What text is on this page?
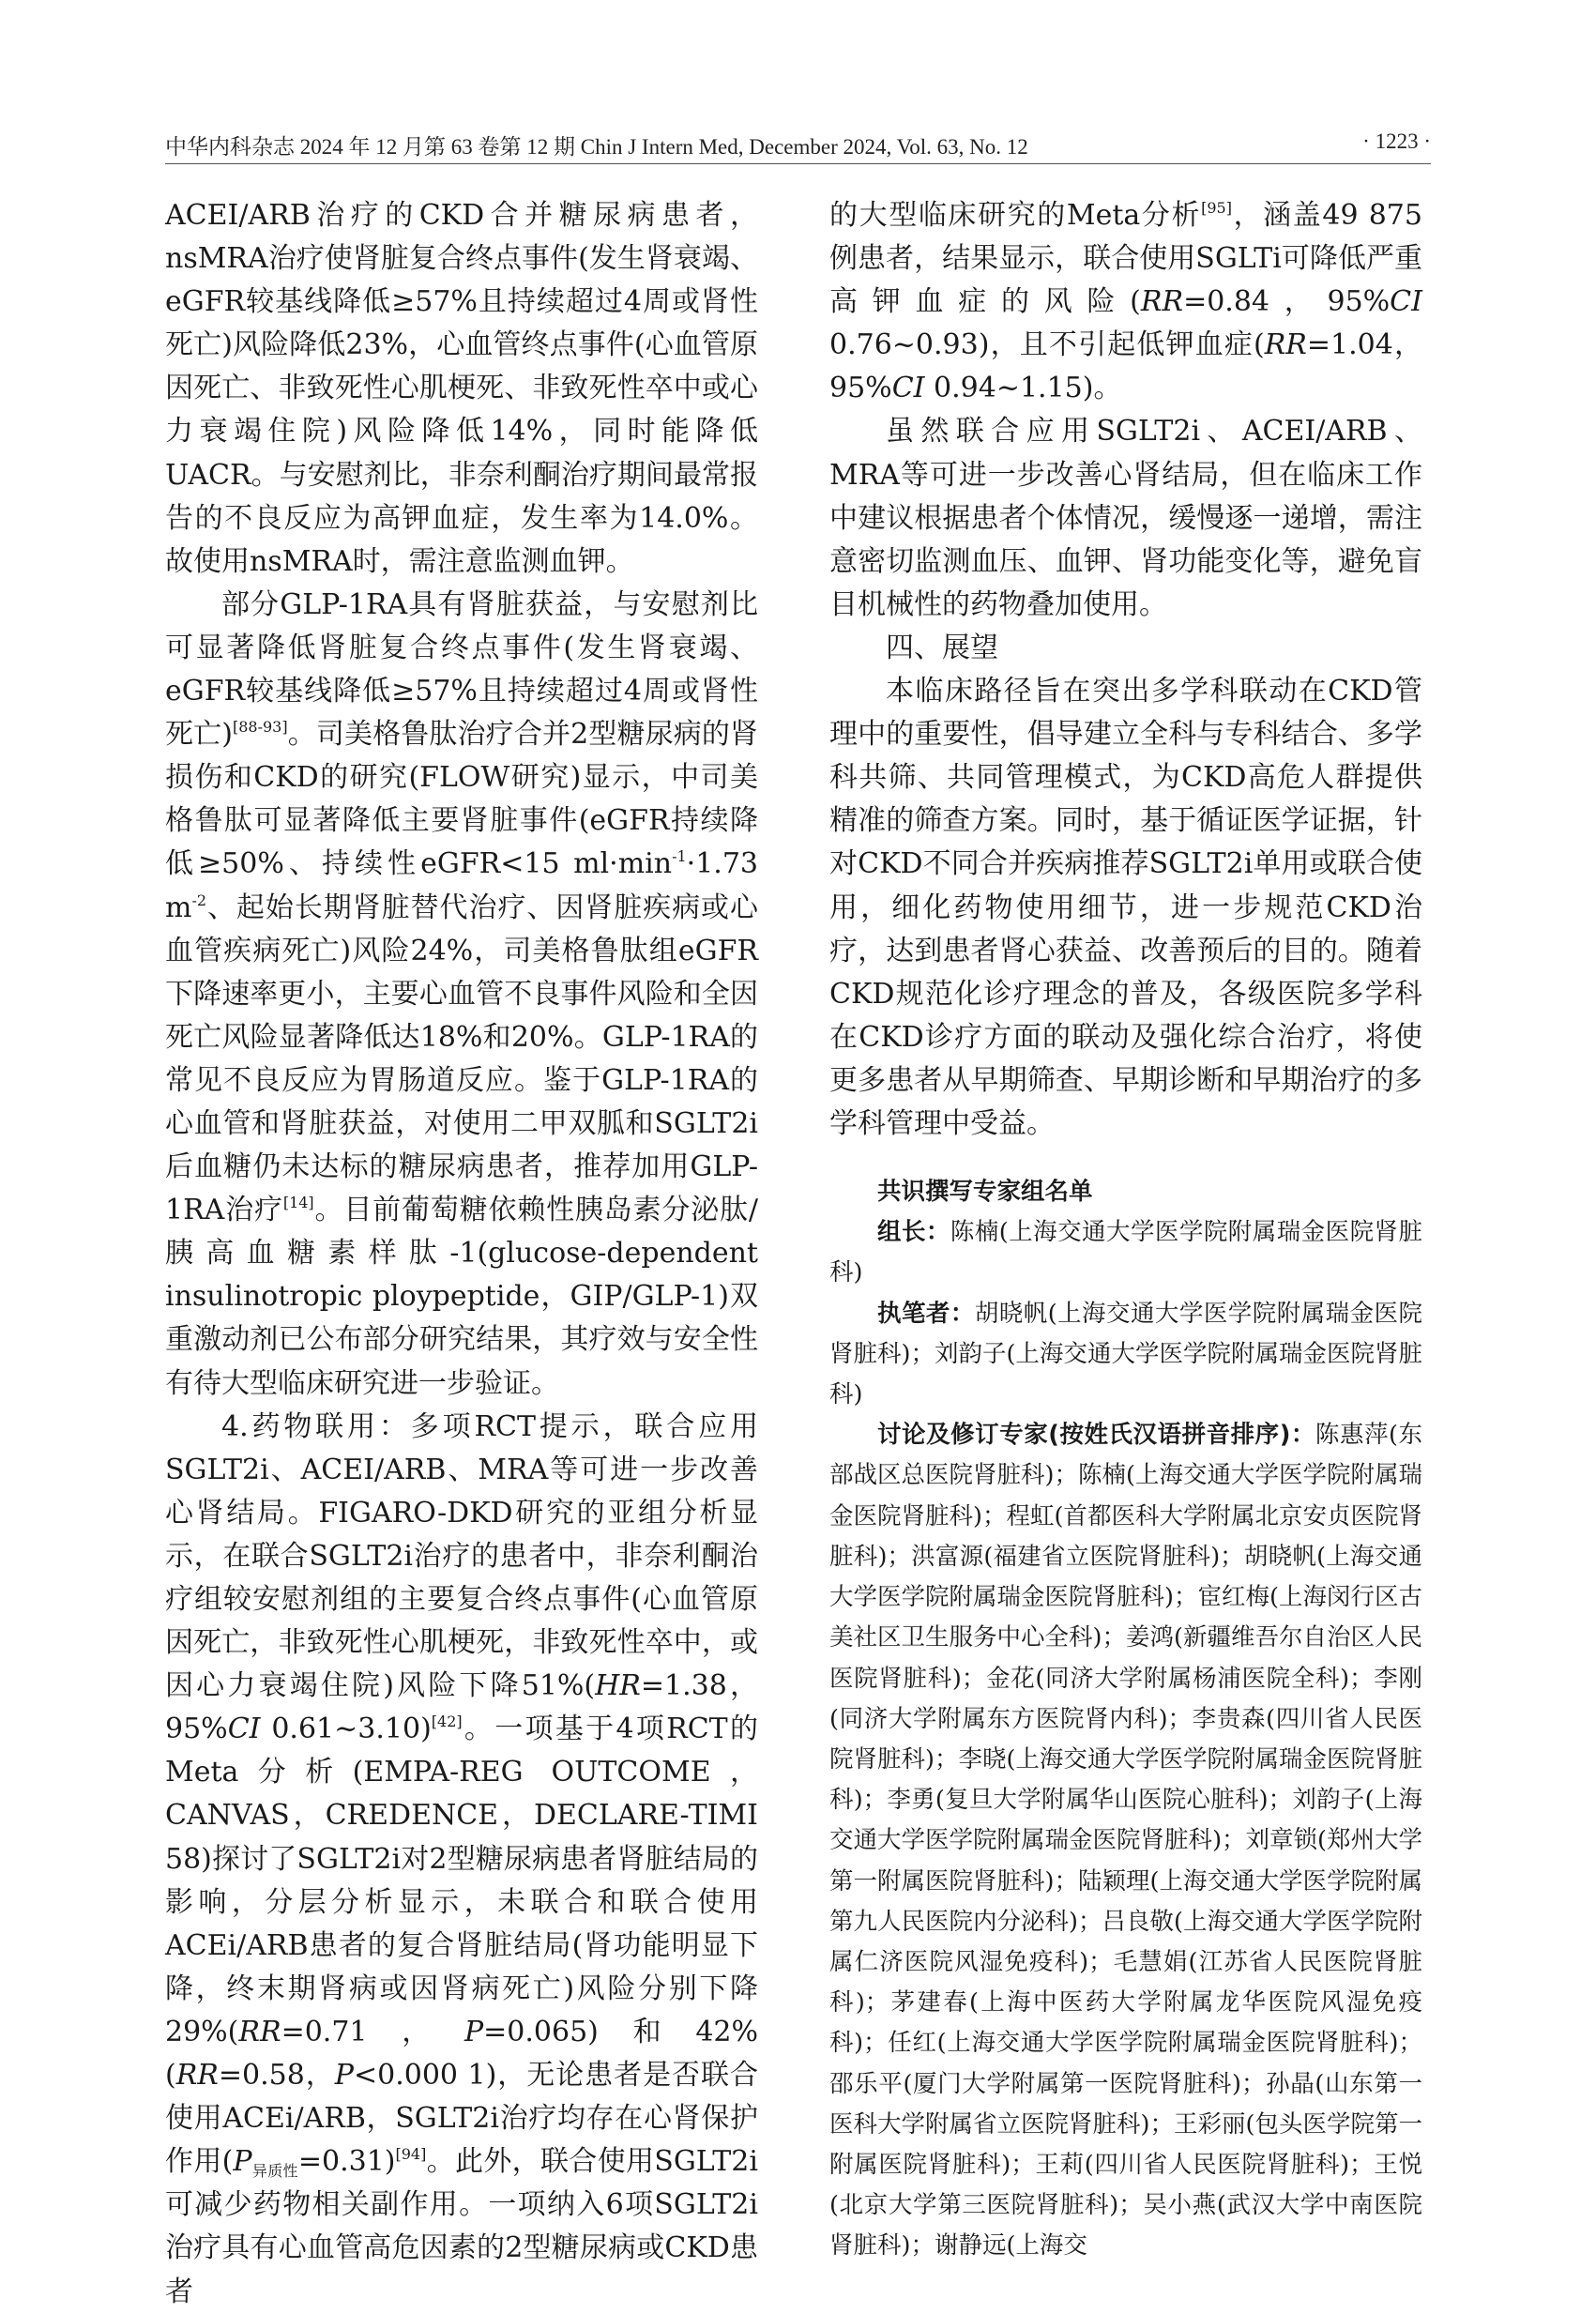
中华内科杂志 2024 年 12 月第 63 卷第 12 期 Chin J Intern Med, December 2024, Vol. 63, No. 12	· 1223 ·

ACEI/ARB治疗的CKD合并糖尿病患者，nsMRA治疗使肾脏复合终点事件(发生肾衰竭、eGFR较基线降低≥57%且持续超过4周或肾性死亡)风险降低23%，心血管终点事件(心血管原因死亡、非致死性心肌梗死、非致死性卒中或心力衰竭住院)风险降低14%，同时能降低UACR。与安慰剂比，非奈利酮治疗期间最常报告的不良反应为高钾血症，发生率为14.0%。故使用nsMRA时，需注意监测血钾。

部分GLP-1RA具有肾脏获益，与安慰剂比可显著降低肾脏复合终点事件(发生肾衰竭、eGFR较基线降低≥57%且持续超过4周或肾性死亡)[88-93]。司美格鲁肽治疗合并2型糖尿病的肾损伤和CKD的研究(FLOW研究)显示，中司美格鲁肽可显著降低主要肾脏事件(eGFR持续降低≥50%、持续性eGFR<15 $ml\cdot\min^{-1}\cdot 1.73$ $m^{-2}$、起始长期肾脏替代治疗、因肾脏疾病或心血管疾病死亡)风险24%，司美格鲁肽组eGFR下降速率更小，主要心血管不良事件风险和全因死亡风险显著降低达18%和20%。GLP-1RA的常见不良反应为胃肠道反应。鉴于GLP-1RA的心血管和肾脏获益，对使用二甲双胍和SGLT2i后血糖仍未达标的糖尿病患者，推荐加用GLP-1RA治疗[14]。目前葡萄糖依赖性胰岛素分泌肽/胰高血糖素样肽-1(glucose-dependent insulinotropic ploypeptide，GIP/GLP-1)双重激动剂已公布部分研究结果，其疗效与安全性有待大型临床研究进一步验证。

4.药物联用：多项RCT提示，联合应用SGLT2i、ACEI/ARB、MRA等可进一步改善心肾结局。FIGARO-DKD研究的亚组分析显示，在联合SGLT2i治疗的患者中，非奈利酮治疗组较安慰剂组的主要复合终点事件(心血管原因死亡，非致死性心肌梗死，非致死性卒中，或因心力衰竭住院)风险下降51%(HR=1.38，95%CI 0.61~3.10)[42]。一项基于4项RCT的Meta分析(EMPA-REG OUTCOME，CANVAS，CREDENCE，DECLARE-TIMI 58)探讨了SGLT2i对2型糖尿病患者肾脏结局的影响，分层分析显示，未联合和联合使用ACEi/ARB患者的复合肾脏结局(肾功能明显下降，终末期肾病或因肾病死亡)风险分别下降29%(RR=0.71，P=0.065)和42%(RR=0.58，P<0.000 1)，无论患者是否联合使用ACEi/ARB，SGLT2i治疗均存在心肾保护作用$(P_{异质性}=0.31)[94]$。此外，联合使用SGLT2i可减少药物相关副作用。一项纳入6项SGLT2i治疗具有心血管高危因素的2型糖尿病或CKD患者

的大型临床研究的Meta分析[95]，涵盖49 875例患者，结果显示，联合使用SGLTi可降低严重高钾血症的风险(RR=0.84，95%CI 0.76~0.93)，且不引起低钾血症(RR=1.04，95%CI 0.94~1.15)。

虽然联合应用SGLT2i、ACEI/ARB、MRA等可进一步改善心肾结局，但在临床工作中建议根据患者个体情况，缓慢逐一递增，需注意密切监测血压、血钾、肾功能变化等，避免盲目机械性的药物叠加使用。

四、展望

本临床路径旨在突出多学科联动在CKD管理中的重要性，倡导建立全科与专科结合、多学科共筛、共同管理模式，为CKD高危人群提供精准的筛查方案。同时，基于循证医学证据，针对CKD不同合并疾病推荐SGLT2i单用或联合使用，细化药物使用细节，进一步规范CKD治疗，达到患者肾心获益、改善预后的目的。随着CKD规范化诊疗理念的普及，各级医院多学科在CKD诊疗方面的联动及强化综合治疗，将使更多患者从早期筛查、早期诊断和早期治疗的多学科管理中受益。

共识撰写专家组名单

组长：陈楠(上海交通大学医学院附属瑞金医院肾脏科)

执笔者：胡晓帆(上海交通大学医学院附属瑞金医院肾脏科)；刘韵子(上海交通大学医学院附属瑞金医院肾脏科)

讨论及修订专家(按姓氏汉语拼音排序)：陈惠萍(东部战区总医院肾脏科)；陈楠(上海交通大学医学院附属瑞金医院肾脏科)；程虹(首都医科大学附属北京安贞医院肾脏科)；洪富源(福建省立医院肾脏科)；胡晓帆(上海交通大学医学院附属瑞金医院肾脏科)；宦红梅(上海闵行区古美社区卫生服务中心全科)；姜鸿(新疆维吾尔自治区人民医院肾脏科)；金花(同济大学附属杨浦医院全科)；李刚(同济大学附属东方医院肾内科)；李贵森(四川省人民医院肾脏科)；李晓(上海交通大学医学院附属瑞金医院肾脏科)；李勇(复旦大学附属华山医院心脏科)；刘韵子(上海交通大学医学院附属瑞金医院肾脏科)；刘章锁(郑州大学第一附属医院肾脏科)；陆颖理(上海交通大学医学院附属第九人民医院内分泌科)；吕良敬(上海交通大学医学院附属仁济医院风湿免疫科)；毛慧娟(江苏省人民医院肾脏科)；茅建春(上海中医药大学附属龙华医院风湿免疫科)；任红(上海交通大学医学院附属瑞金医院肾脏科)；邵乐平(厦门大学附属第一医院肾脏科)；孙晶(山东第一医科大学附属省立医院肾脏科)；王彩丽(包头医学院第一附属医院肾脏科)；王莉(四川省人民医院肾脏科)；王悦(北京大学第三医院肾脏科)；吴小燕(武汉大学中南医院肾脏科)；谢静远(上海交
